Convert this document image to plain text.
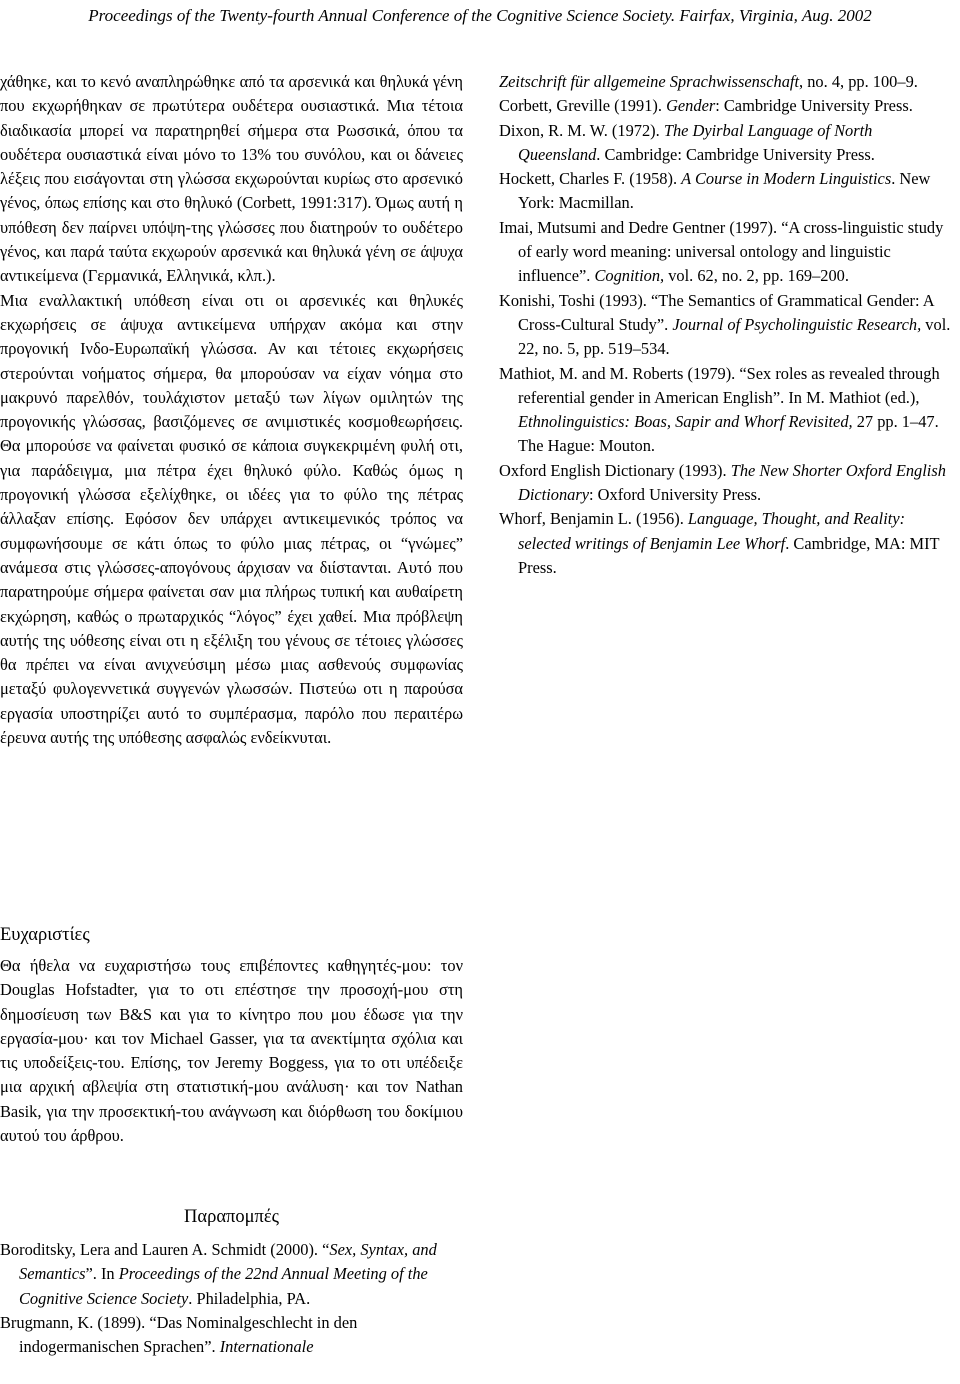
Proceedings of the Twenty-fourth Annual Conference of the Cognitive Science Society. Fairfax, Virginia, Aug. 2002

χάθηκε, και το κενό αναπληρώθηκε από τα αρσενικά και θηλυκά γένη που εκχωρήθηκαν σε πρωτύτερα ουδέτερα ουσιαστικά. Μια τέτοια διαδικασία μπορεί να παρατηρηθεί σήμερα στα Ρωσσικά, όπου τα ουδέτερα ουσιαστικά είναι μόνο το 13% του συνόλου, και οι δάνειες λέξεις που εισάγονται στη γλώσσα εκχωρούνται κυρίως στο αρσενικό γένος, όπως επίσης και στο θηλυκό (Corbett, 1991:317). Όμως αυτή η υπόθεση δεν παίρνει υπόψη-της γλώσσες που διατηρούν το ουδέτερο γένος, και παρά ταύτα εκχωρούν αρσενικά και θηλυκά γένη σε άψυχα αντικείμενα (Γερμανικά, Ελληνικά, κλπ.).

Μια εναλλακτική υπόθεση είναι οτι οι αρσενικές και θηλυκές εκχωρήσεις σε άψυχα αντικείμενα υπήρχαν ακόμα και στην προγονική Ινδο-Ευρωπαϊκή γλώσσα. Αν και τέτοιες εκχωρήσεις στερούνται νοήματος σήμερα, θα μπορούσαν να είχαν νόημα στο μακρυνό παρελθόν, τουλάχιστον μεταξύ των λίγων ομιλητών της προγονικής γλώσσας, βασιζόμενες σε ανιμιστικές κοσμοθεωρήσεις. Θα μπορούσε να φαίνεται φυσικό σε κάποια συγκεκριμένη φυλή οτι, για παράδειγμα, μια πέτρα έχει θηλυκό φύλο. Καθώς όμως η προγονική γλώσσα εξελίχθηκε, οι ιδέες για το φύλο της πέτρας άλλαξαν επίσης. Εφόσον δεν υπάρχει αντικειμενικός τρόπος να συμφωνήσουμε σε κάτι όπως το φύλο μιας πέτρας, οι “γνώμες” ανάμεσα στις γλώσσες-απογόνους άρχισαν να διίστανται. Αυτό που παρατηρούμε σήμερα φαίνεται σαν μια πλήρως τυπική και αυθαίρετη εκχώρηση, καθώς ο πρωταρχικός “λόγος” έχει χαθεί. Μια πρόβλεψη αυτής της υόθεσης είναι οτι η εξέλιξη του γένους σε τέτοιες γλώσσες θα πρέπει να είναι ανιχνεύσιμη μέσω μιας ασθενούς συμφωνίας μεταξύ φυλογεννετικά συγγενών γλωσσών. Πιστεύω οτι η παρούσα εργασία υποστηρίζει αυτό το συμπέρασμα, παρόλο που περαιτέρω έρευνα αυτής της υπόθεσης ασφαλώς ενδείκνυται.

Ευχαριστίες

Θα ήθελα να ευχαριστήσω τους επιβέποντες καθηγητές-μου: τον Douglas Hofstadter, για το οτι επέστησε την προσοχή-μου στη δημοσίευση των B&S και για το κίνητρο που μου έδωσε για την εργασία-μου· και τον Michael Gasser, για τα ανεκτίμητα σχόλια και τις υποδείξεις-του. Επίσης, τον Jeremy Boggess, για το οτι υπέδειξε μια αρχική αβλεψία στη στατιστική-μου ανάλυση· και τον Nathan Basik, για την προσεκτική-του ανάγνωση και διόρθωση του δοκίμιου αυτού του άρθρου.

Παραπομπές

Boroditsky, Lera and Lauren A. Schmidt (2000). “Sex, Syntax, and Semantics”. In Proceedings of the 22nd Annual Meeting of the Cognitive Science Society. Philadelphia, PA.

Brugmann, K. (1899). “Das Nominalgeschlecht in den indogermanischen Sprachen”. Internationale

Zeitschrift für allgemeine Sprachwissenschaft, no. 4, pp. 100–9.

Corbett, Greville (1991). Gender: Cambridge University Press.

Dixon, R. M. W. (1972). The Dyirbal Language of North Queensland. Cambridge: Cambridge University Press.

Hockett, Charles F. (1958). A Course in Modern Linguistics. New York: Macmillan.

Imai, Mutsumi and Dedre Gentner (1997). “A cross-linguistic study of early word meaning: universal ontology and linguistic influence”. Cognition, vol. 62, no. 2, pp. 169–200.

Konishi, Toshi (1993). “The Semantics of Grammatical Gender: A Cross-Cultural Study”. Journal of Psycholinguistic Research, vol. 22, no. 5, pp. 519–534.

Mathiot, M. and M. Roberts (1979). “Sex roles as revealed through referential gender in American English”. In M. Mathiot (ed.), Ethnolinguistics: Boas, Sapir and Whorf Revisited, 27 pp. 1–47. The Hague: Mouton.

Oxford English Dictionary (1993). The New Shorter Oxford English Dictionary: Oxford University Press.

Whorf, Benjamin L. (1956). Language, Thought, and Reality: selected writings of Benjamin Lee Whorf. Cambridge, MA: MIT Press.
